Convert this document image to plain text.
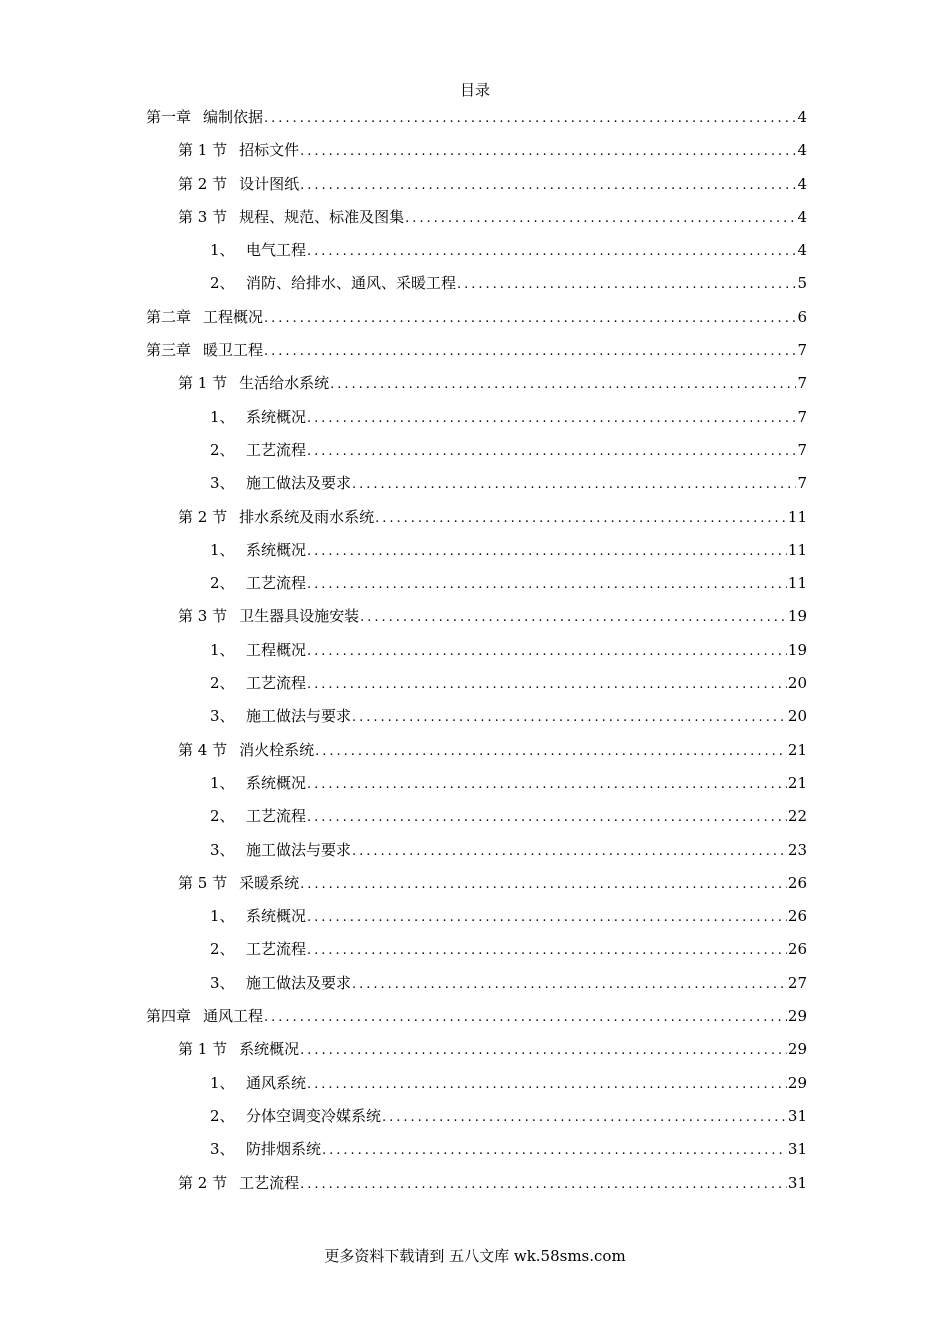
目录
第一章 编制依据 .....	4
第 1 节 招标文件 .....	4
第 2 节 设计图纸 .....	4
第 3 节 规程、规范、标准及图集 .....	4
1、 电气工程 .....	4
2、 消防、给排水、通风、采暖工程 .....	5
第二章 工程概况 .....	6
第三章 暖卫工程 .....	7
第 1 节 生活给水系统 .....	7
1、 系统概况 .....	7
2、 工艺流程 .....	7
3、 施工做法及要求 .....	7
第 2 节 排水系统及雨水系统 .....	11
1、 系统概况 .....	11
2、 工艺流程 .....	11
第 3 节 卫生器具设施安装 .....	19
1、 工程概况 .....	19
2、 工艺流程 .....	20
3、 施工做法与要求 .....	20
第 4 节 消火栓系统 .....	21
1、 系统概况 .....	21
2、 工艺流程 .....	22
3、 施工做法与要求 .....	23
第 5 节 采暖系统 .....	26
1、 系统概况 .....	26
2、 工艺流程 .....	26
3、 施工做法及要求 .....	27
第四章 通风工程 .....	29
第 1 节 系统概况 .....	29
1、 通风系统 .....	29
2、 分体空调变冷媒系统 .....	31
3、 防排烟系统 .....	31
第 2 节 工艺流程 .....	31
更多资料下载请到 五八文库 wk.58sms.com
